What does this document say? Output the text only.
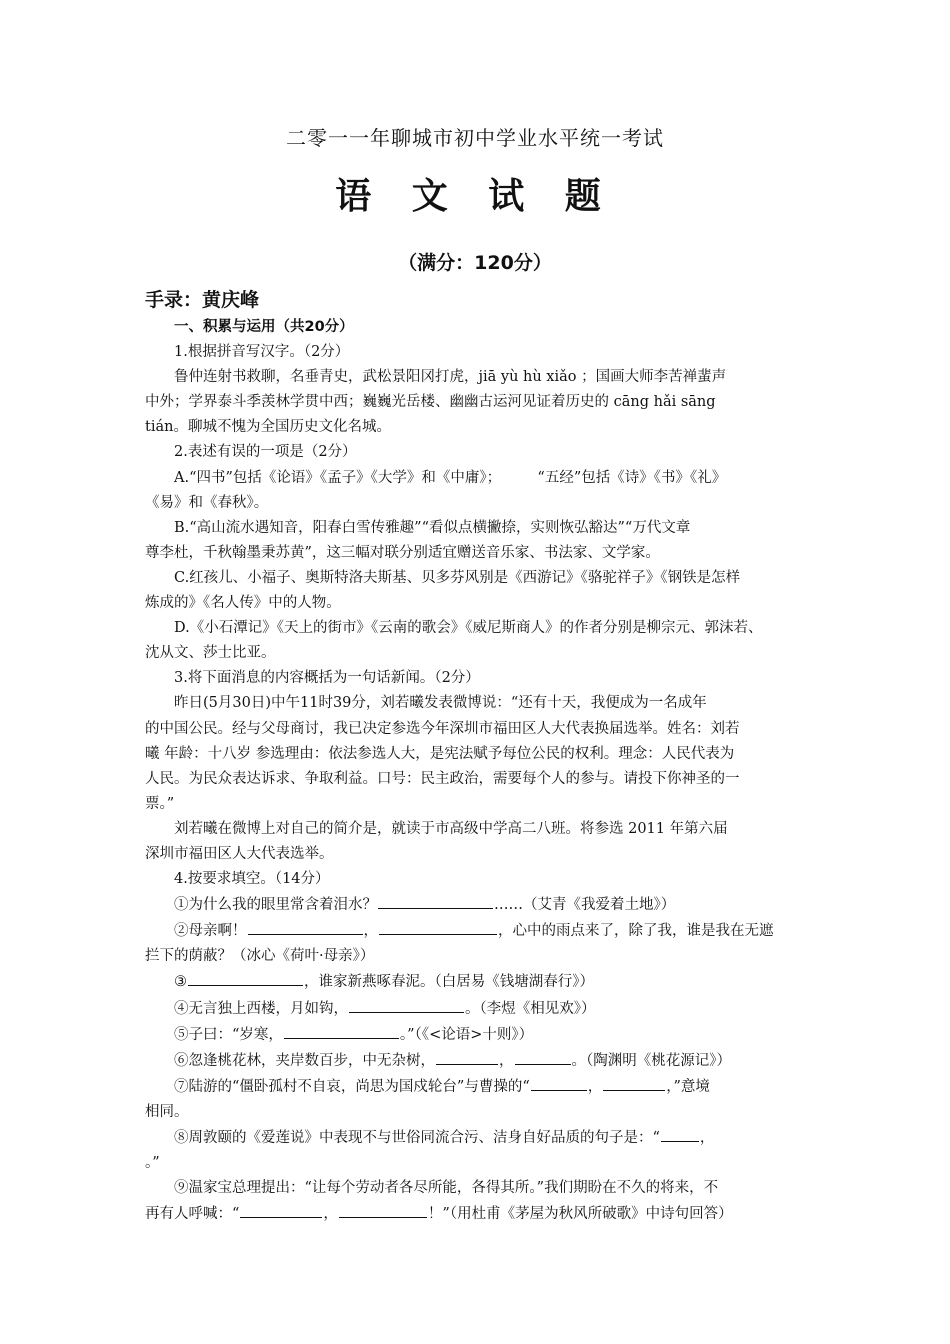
二零一一年聊城市初中学业水平统一考试
语 文 试 题
（满分：120分）
手录：黄庆峰

一、积累与运用（共20分）

1.根据拼音写汉字。（2分）

鲁仲连射书救聊，名垂青史，武松景阳冈打虎，jiā yù hù xiǎo ；国画大师李苦禅蜚声

中外；学界泰斗季羡林学贯中西；巍巍光岳楼、幽幽古运河见证着历史的 cāng hǎi sāng

tián。聊城不愧为全国历史文化名城。

2.表述有误的一项是（2分）

A.“四书”包括《论语》《孟子》《大学》和《中庸》；　　　“五经”包括《诗》《书》《礼》

《易》和《春秋》。

B.“高山流水遇知音，阳春白雪传雅趣”“看似点横撇捺，实则恢弘豁达”“万代文章

尊李杜，千秋翰墨秉苏黄”，这三幅对联分别适宜赠送音乐家、书法家、文学家。

C.红孩儿、小福子、奥斯特洛夫斯基、贝多芬风别是《西游记》《骆驼祥子》《钢铁是怎样

炼成的》《名人传》中的人物。

D.《小石潭记》《天上的街市》《云南的歌会》《威尼斯商人》的作者分别是柳宗元、郭沫若、

沈从文、莎士比亚。

3.将下面消息的内容概括为一句话新闻。（2分）

昨日(5月30日)中午11时39分，刘若曦发表微博说：“还有十天，我便成为一名成年

的中国公民。经与父母商讨，我已决定参选今年深圳市福田区人大代表换届选举。姓名：刘若

曦 年龄：十八岁 参选理由：依法参选人大，是宪法赋予每位公民的权利。理念：人民代表为

人民。为民众表达诉求、争取利益。口号：民主政治，需要每个人的参与。请投下你神圣的一

票。”

刘若曦在微博上对自己的简介是，就读于市高级中学高二八班。将参选 2011 年第六届

深圳市福田区人大代表选举。

4.按要求填空。（14分）

①为什么我的眼里常含着泪水？	……（艾青《我爱着土地》）

②母亲啊！	，	，心中的雨点来了，除了我，谁是我在无遮

拦下的荫蔽？（冰心《荷叶·母亲》）

③	，谁家新燕啄春泥。（白居易《钱塘湖春行》）

④无言独上西楼，月如钩，	。（李煜《相见欢》）

⑤子曰：“岁寒，	。”（《<论语>十则》）

⑥忽逢桃花林，夹岸数百步，中无杂树，	，	。（陶渊明《桃花源记》）

⑦陆游的“僵卧孤村不自哀，尚思为国戍轮台”与曹操的“	，	，”意境

相同。

⑧周敦颐的《爱莲说》中表现不与世俗同流合污、洁身自好品质的句子是：“	，

。”

⑨温家宝总理提出：“让每个劳动者各尽所能，各得其所。”我们期盼在不久的将来，不

再有人呼喊：“	，	！”（用杜甫《茅屋为秋风所破歌》中诗句回答）
